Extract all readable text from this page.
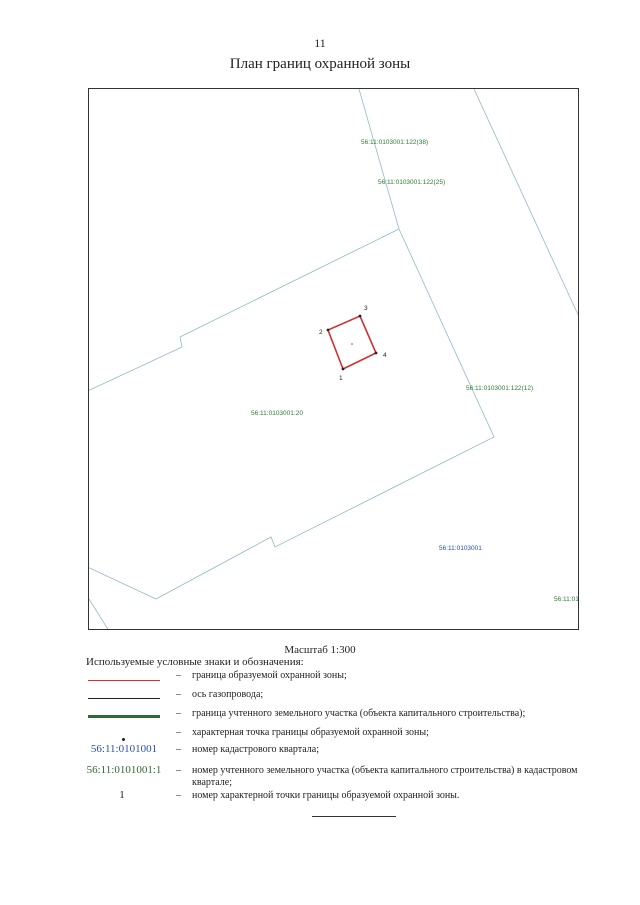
11
План границ охранной зоны
1
2
3
4
56:11:0103001:122(38)
56:11:0103001:122(25)
56:11:0103001:122(12)
56:11:0103001:20
56:11:01
56:11:0103001
Масштаб 1:300
Используемые условные знаки и обозначения:
– граница образуемой охранной зоны;
– ось газопровода;
– граница учтенного земельного участка (объекта капитального строительства);
– характерная точка границы образуемой охранной зоны;
56:11:0101001	– номер кадастрового квартала;
56:11:0101001:1 – номер учтенного земельного участка (объекта капитального строительства) в кадастровом квартале;
1	– номер характерной точки границы образуемой охранной зоны.
